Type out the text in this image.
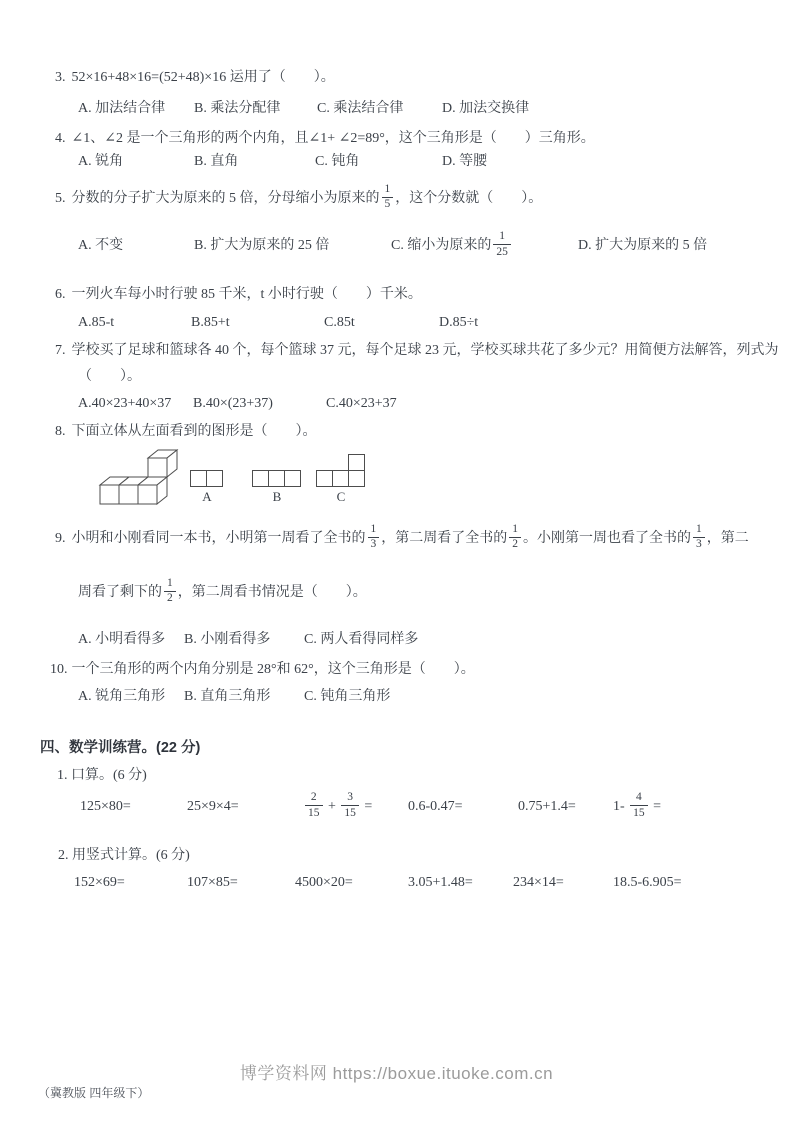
3. 52×16+48×16=(52+48)×16 运用了（　　）。
A. 加法结合律 B. 乘法分配律	C. 乘法结合律	D. 加法交换律
4. ∠1、∠2 是一个三角形的两个内角，且∠1+ ∠2=89°，这个三角形是（　　）三角形。
A. 锐角	B. 直角	C. 钝角	D. 等腰
5. 分数的分子扩大为原来的 5 倍，分母缩小为原来的 $\frac{1}{5}$ ，这个分数就（　　）。
A. 不变	B. 扩大为原来的 25 倍	C. 缩小为原来的 $\frac{1}{25}$	D. 扩大为原来的 5 倍
6. 一列火车每小时行驶 85 千米，t 小时行驶（　　）千米。
A.85-t	B.85+t	C.85t	D.85÷t
7. 学校买了足球和篮球各 40 个，每个篮球 37 元，每个足球 23 元，学校买球共花了多少元？用简便方法解答，列式为
（　　）。
A.40×23+40×37 B.40×(23+37)	C.40×23+37
8. 下面立体从左面看到的图形是（　　）。
A	B	C
9. 小明和小刚看同一本书，小明第一周看了全书的 $\frac{1}{3}$ ，第二周看了全书的 $\frac{1}{2}$ 。小刚第一周也看了全书的 $\frac{1}{3}$ ，第二
周看了剩下的 $\frac{1}{2}$ ，第二周看书情况是（　　）。
A. 小明看得多 B. 小刚看得多 C. 两人看得同样多
10. 一个三角形的两个内角分别是 28°和 62°，这个三角形是（　　）。
A. 锐角三角形 B. 直角三角形 C. 钝角三角形
四、数学训练营。(22 分)
1. 口算。(6 分)
125×80=	25×9×4=	$\frac{2}{15} + \frac{3}{15}$ =	0.6-0.47=	0.75+1.4=	$1- \frac{4}{15}$ =
2. 用竖式计算。(6 分)
152×69=	107×85=	4500×20=	3.05+1.48=	234×14=	18.5-6.905=
博学资料网 https://boxue.ituoke.com.cn
（冀教版 四年级下）
